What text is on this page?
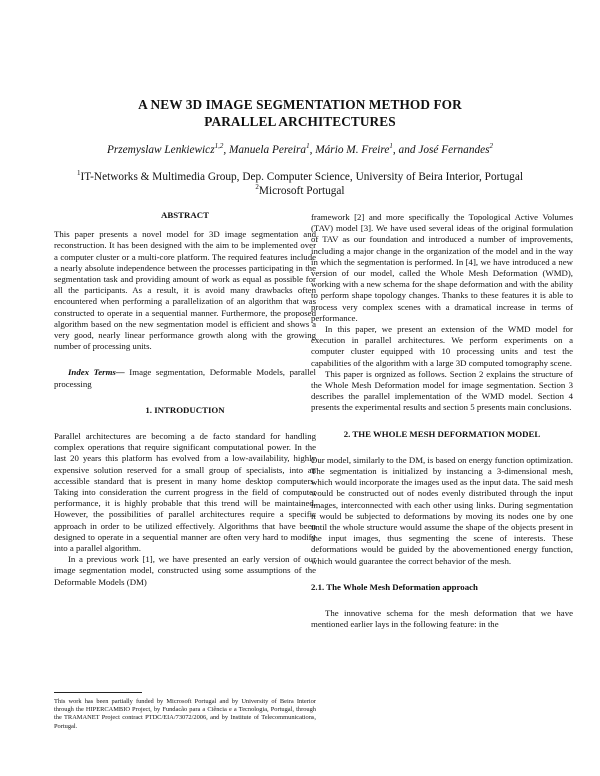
A NEW 3D IMAGE SEGMENTATION METHOD FOR
PARALLEL ARCHITECTURES
Przemyslaw Lenkiewicz$^{1,2}$, Manuela Pereira$^1$, Mário M. Freire$^1$, and José Fernandes$^2$
$^1$IT-Networks & Multimedia Group, Dep. Computer Science, University of Beira Interior, Portugal
$^2$Microsoft Portugal
ABSTRACT
This paper presents a novel model for 3D image segmentation and reconstruction. It has been designed with the aim to be implemented over a computer cluster or a multi-core platform. The required features include a nearly absolute independence between the processes participating in the segmentation task and providing amount of work as equal as possible for all the participants. As a result, it is avoid many drawbacks often encountered when performing a parallelization of an algorithm that was constructed to operate in a sequential manner. Furthermore, the proposed algorithm based on the new segmentation model is efficient and shows a very good, nearly linear performance growth along with the growing number of processing units.
Index Terms— Image segmentation, Deformable Models, parallel processing
1. INTRODUCTION
Parallel architectures are becoming a de facto standard for handling complex operations that require significant computational power. In the last 20 years this platform has evolved from a low-availability, highly expensive solution reserved for a small group of specialists, into an accessible standard that is present in many home desktop computers. Taking into consideration the current progress in the field of computer performance, it is highly probable that this trend will be maintained. However, the possibilities of parallel architectures require a specific approach in order to be utilized effectively. Algorithms that have been designed to operate in a sequential manner are often very hard to modify into a parallel algorithm.
In a previous work [1], we have presented an early version of our image segmentation model, constructed using some assumptions of the Deformable Models (DM)
framework [2] and more specifically the Topological Active Volumes (TAV) model [3]. We have used several ideas of the original formulation of TAV as our foundation and introduced a number of improvements, including a major change in the organization of the model and in the way in which the segmentation is performed. In [4], we have introduced a new version of our model, called the Whole Mesh Deformation (WMD), working with a new schema for the shape deformation and with the ability to perform shape topology changes. Thanks to these features it is able to process very complex scenes with a dramatical increase in terms of performance.
In this paper, we present an extension of the WMD model for execution in parallel architectures. We perform experiments on a computer cluster equipped with 10 processing units and test the capabilities of the algorithm with a large 3D computed tomography scene.
This paper is orgnized as follows. Section 2 explains the structure of the Whole Mesh Deformation model for image segmentation. Section 3 describes the parallel implementation of the WMD model. Section 4 presents the experimental results and section 5 presents main conclusions.
2. THE WHOLE MESH DEFORMATION MODEL
Our model, similarly to the DM, is based on energy function optimization. The segmentation is initialized by instancing a 3-dimensional mesh, which would incorporate the images used as the input data. The said mesh would be constructed out of nodes evenly distributed through the input images, interconnected with each other using links. During segmentation it would be subjected to deformations by moving its nodes one by one until the whole structure would assume the shape of the objects present in the input images, thus segmenting the scene of interests. These deformations would be guided by the abovementioned energy function, which would guarantee the correct behavior of the mesh.
2.1. The Whole Mesh Deformation approach
The innovative schema for the mesh deformation that we have mentioned earlier lays in the following feature: in the
This work has been partially funded by Microsoft Portugal and by University of Beira Interior through the HIPERCAMBIO Project, by Fundacão para a Ciência e a Tecnologia, Portugal, through the TRAMANET Project contract PTDC/EIA/73072/2006, and by Institute of Telecommunications, Portugal.
